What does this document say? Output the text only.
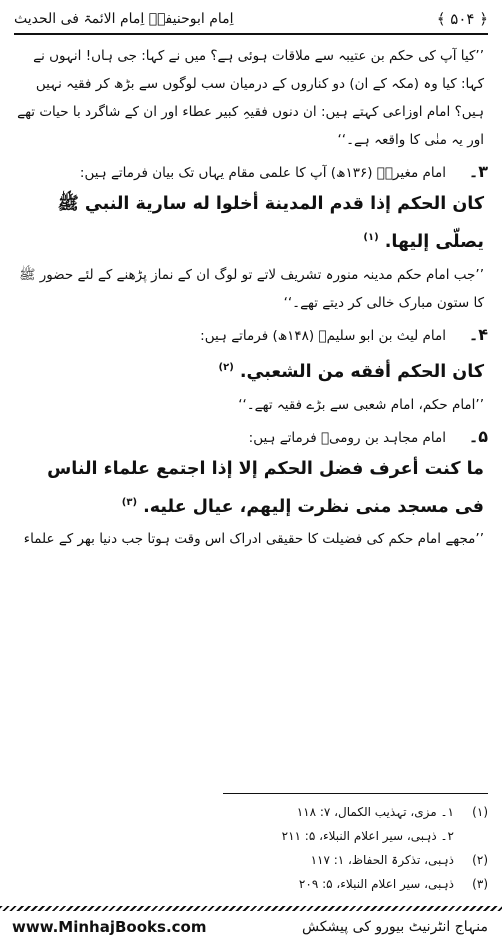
﴿ ۵۰۴ ﴾
اِمام ابوحنیفہؒ اِمام الائمۃ فی الحدیث

’’کیا آپ کی حکم بن عتیبہ سے ملاقات ہوئی ہے؟ میں نے کہا: جی ہاں! انہوں نے کہا: کیا وہ (مکہ کے ان) دو کناروں کے درمیان سب لوگوں سے بڑھ کر فقیہ نہیں ہیں؟ امام اوزاعی کہتے ہیں: ان دنوں فقیہِ کبیر عطاء اور ان کے شاگرد با حیات تھے اور یہ منٰی کا واقعہ ہے۔‘‘

۳۔
امام مغیرہؒ (۱۳۶ھ) آپ کا علمی مقام یہاں تک بیان فرماتے ہیں:

كان الحكم إذا قدم المدينة أخلوا له سارية النبي ﷺ يصلّى إليها. $^{(۱)}$

’’جب امام حکم مدینہ منورہ تشریف لاتے تو لوگ ان کے نماز پڑھنے کے لئے حضور ﷺ کا ستون مبارک خالی کر دیتے تھے۔‘‘

۴۔
امام لیث بن ابو سلیمؒ (۱۴۸ھ) فرماتے ہیں:

كان الحكم أفقه من الشعبي. $^{(۲)}$

’’امام حکم، امام شعبی سے بڑے فقیہ تھے۔‘‘

۵۔
امام مجاہد بن رومیؒ فرماتے ہیں:

ما كنت أعرف فضل الحكم إلا إذا اجتمع علماء الناس فى مسجد منى نظرت إليهم، عيال عليه. $^{(۳)}$

’’مجھے امام حکم کی فضیلت کا حقیقی ادراک اس وقت ہوتا جب دنیا بھر کے علماء

(۱)
۱۔ مزی، تہذیب الکمال، ۷: ۱۱۸
۲۔ ذہبی، سیر اعلام النبلاء، ۵: ۲۱۱
(۲)
ذہبی، تذکرۃ الحفاظ، ۱: ۱۱۷
(۳)
ذہبی، سیر اعلام النبلاء، ۵: ۲۰۹
www.MinhajBooks.com	منہاج انٹرنیٹ بیورو کی پیشکش
